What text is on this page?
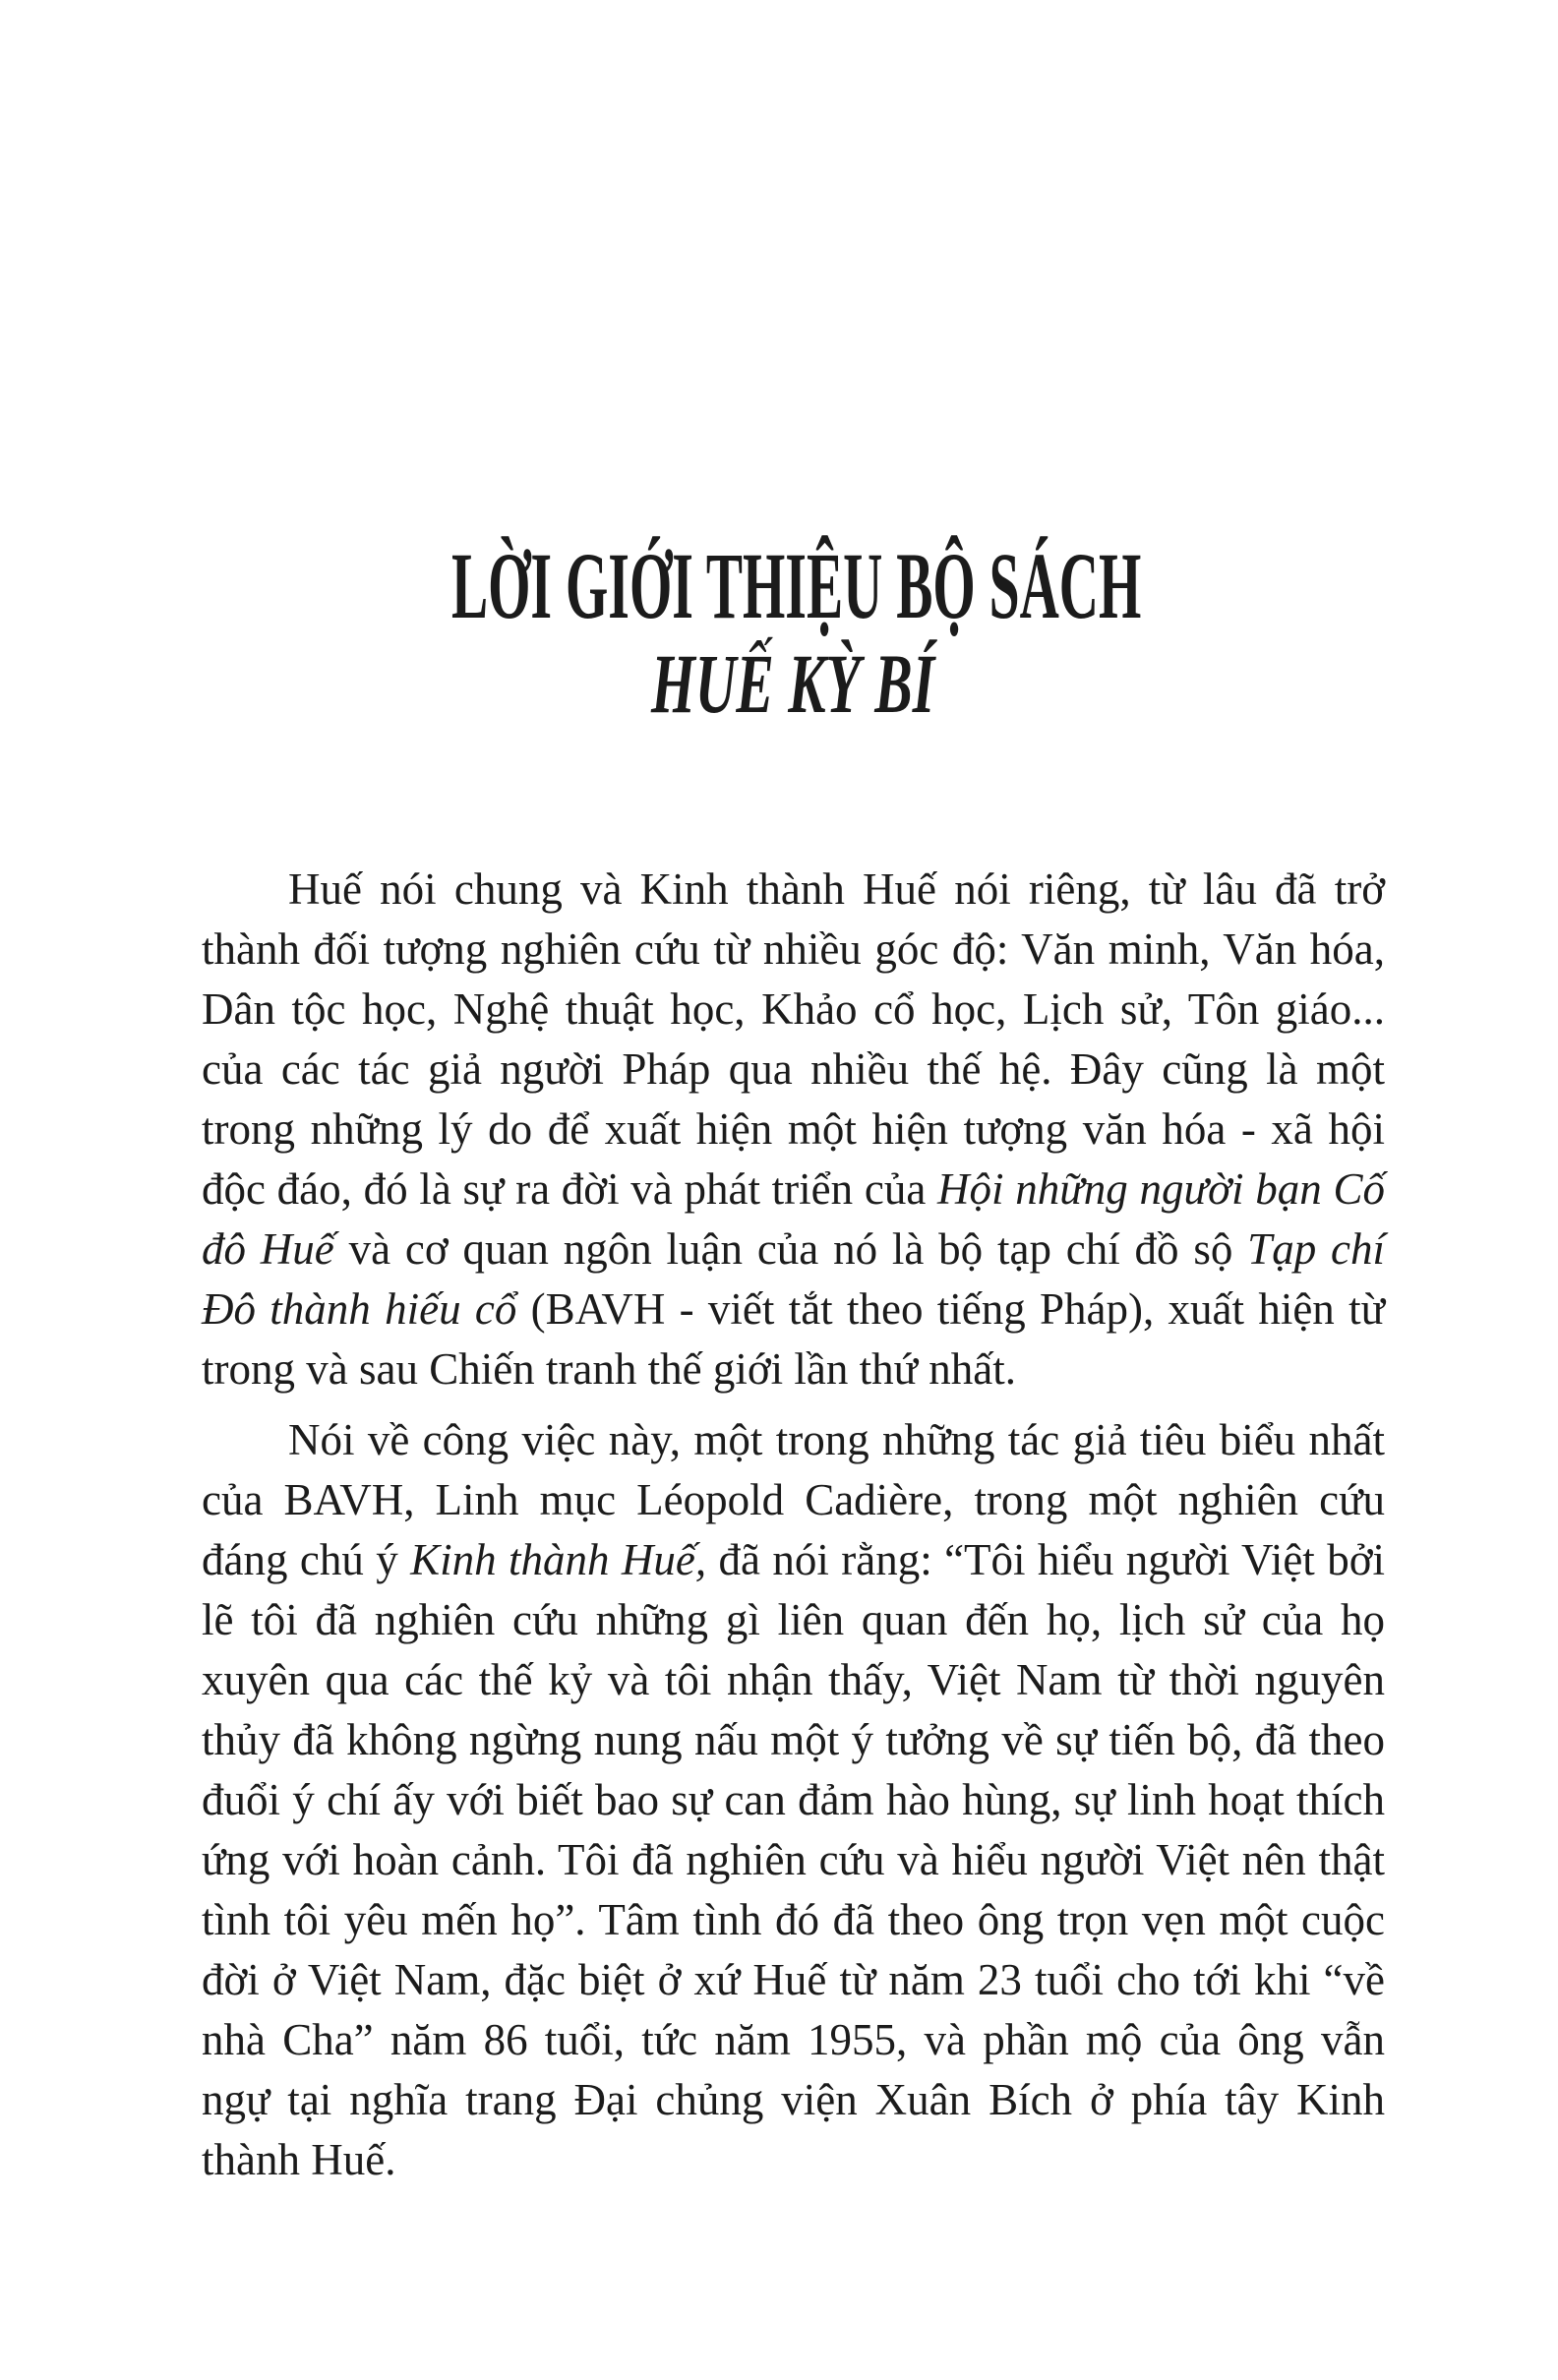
LỜI GIỚI THIỆU BỘ SÁCH
HUẾ KỲ BÍ

Huế nói chung và Kinh thành Huế nói riêng, từ lâu đã trở thành đối tượng nghiên cứu từ nhiều góc độ: Văn minh, Văn hóa, Dân tộc học, Nghệ thuật học, Khảo cổ học, Lịch sử, Tôn giáo... của các tác giả người Pháp qua nhiều thế hệ. Đây cũng là một trong những lý do để xuất hiện một hiện tượng văn hóa - xã hội độc đáo, đó là sự ra đời và phát triển của Hội những người bạn Cố đô Huế và cơ quan ngôn luận của nó là bộ tạp chí đồ sộ Tạp chí Đô thành hiếu cổ (BAVH - viết tắt theo tiếng Pháp), xuất hiện từ trong và sau Chiến tranh thế giới lần thứ nhất.

Nói về công việc này, một trong những tác giả tiêu biểu nhất của BAVH, Linh mục Léopold Cadière, trong một nghiên cứu đáng chú ý Kinh thành Huế, đã nói rằng: “Tôi hiểu người Việt bởi lẽ tôi đã nghiên cứu những gì liên quan đến họ, lịch sử của họ xuyên qua các thế kỷ và tôi nhận thấy, Việt Nam từ thời nguyên thủy đã không ngừng nung nấu một ý tưởng về sự tiến bộ, đã theo đuổi ý chí ấy với biết bao sự can đảm hào hùng, sự linh hoạt thích ứng với hoàn cảnh. Tôi đã nghiên cứu và hiểu người Việt nên thật tình tôi yêu mến họ”. Tâm tình đó đã theo ông trọn vẹn một cuộc đời ở Việt Nam, đặc biệt ở xứ Huế từ năm 23 tuổi cho tới khi “về nhà Cha” năm 86 tuổi, tức năm 1955, và phần mộ của ông vẫn ngự tại nghĩa trang Đại chủng viện Xuân Bích ở phía tây Kinh thành Huế.
